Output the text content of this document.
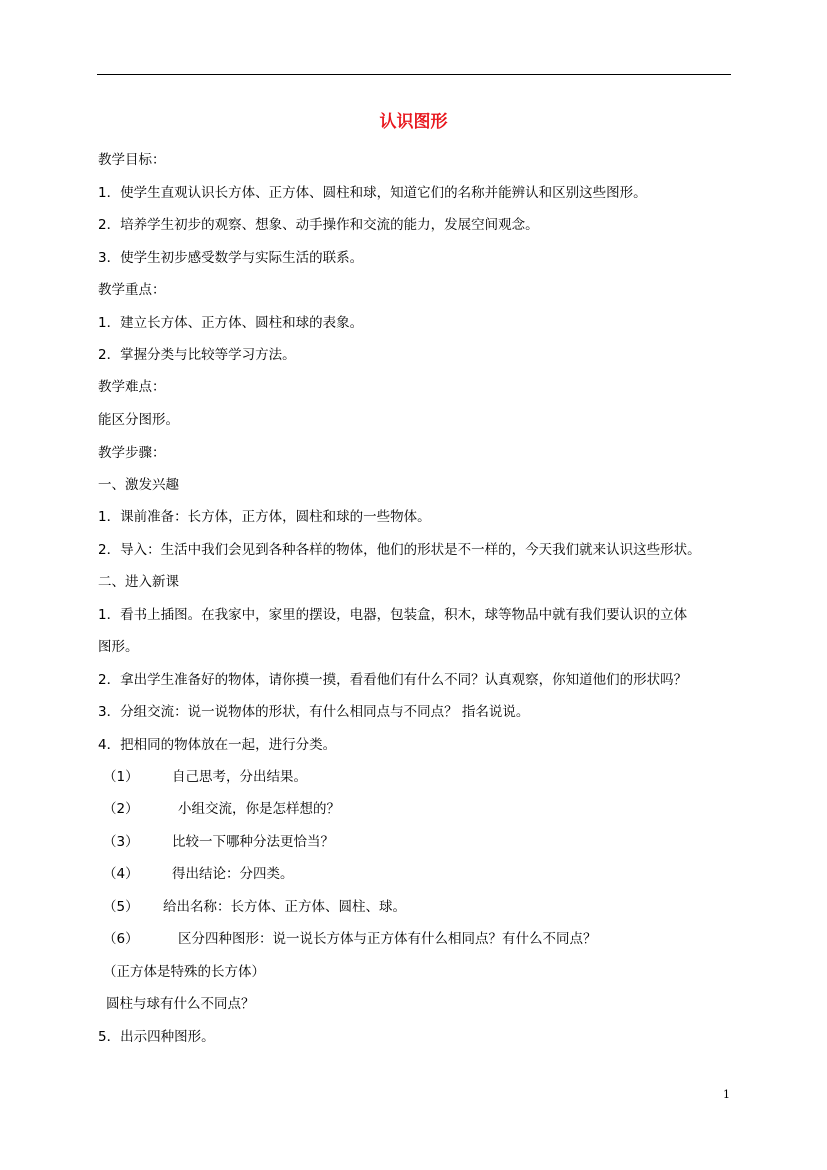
认识图形
教学目标：
1．使学生直观认识长方体、正方体、圆柱和球，知道它们的名称并能辨认和区别这些图形。
2．培养学生初步的观察、想象、动手操作和交流的能力，发展空间观念。
3．使学生初步感受数学与实际生活的联系。
教学重点：
1．建立长方体、正方体、圆柱和球的表象。
2．掌握分类与比较等学习方法。
教学难点：
能区分图形。
教学步骤：
一、激发兴趣
1．课前准备：长方体，正方体，圆柱和球的一些物体。
2．导入：生活中我们会见到各种各样的物体，他们的形状是不一样的，今天我们就来认识这些形状。
二、进入新课
1．看书上插图。在我家中，家里的摆设，电器，包装盒，积木，球等物品中就有我们要认识的立体
图形。
2．拿出学生准备好的物体，请你摸一摸，看看他们有什么不同？认真观察，你知道他们的形状吗？
3．分组交流：说一说物体的形状，有什么相同点与不同点？ 指名说说。
4．把相同的物体放在一起，进行分类。
（1） 自己思考，分出结果。
（2）	小组交流，你是怎样想的？
（3） 比较一下哪种分法更恰当？
（4） 得出结论：分四类。
（5） 给出名称：长方体、正方体、圆柱、球。
（6）	区分四种图形：说一说长方体与正方体有什么相同点？有什么不同点？
（正方体是特殊的长方体）
圆柱与球有什么不同点？
5．出示四种图形。
1
